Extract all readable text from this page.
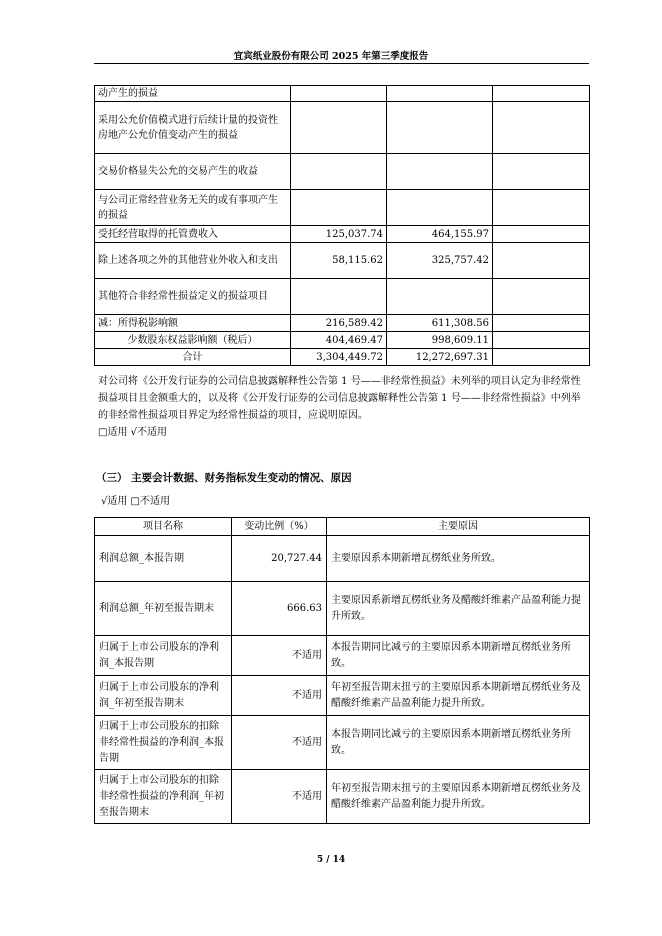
宜宾纸业股份有限公司 2025 年第三季度报告
动产生的损益			
采用公允价值模式进行后续计量的投资性房地产公允价值变动产生的损益			
交易价格显失公允的交易产生的收益			
与公司正常经营业务无关的或有事项产生的损益			
受托经营取得的托管费收入	125,037.74	464,155.97	
除上述各项之外的其他营业外收入和支出	58,115.62	325,757.42	
其他符合非经常性损益定义的损益项目			
减：所得税影响额	216,589.42	611,308.56	
少数股东权益影响额（税后）	404,469.47	998,609.11	
合计	3,304,449.72	12,272,697.31	
对公司将《公开发行证券的公司信息披露解释性公告第 1 号——非经常性损益》未列举的项目认定为非经常性损益项目且金额重大的，以及将《公开发行证券的公司信息披露解释性公告第 1 号——非经常性损益》中列举的非经常性损益项目界定为经常性损益的项目，应说明原因。
□适用 √不适用
（三） 主要会计数据、财务指标发生变动的情况、原因
√适用 □不适用
项目名称	变动比例（%）	主要原因
利润总额_本报告期	20,727.44	主要原因系本期新增瓦楞纸业务所致。
利润总额_年初至报告期末	666.63	主要原因系新增瓦楞纸业务及醋酸纤维素产品盈利能力提升所致。
归属于上市公司股东的净利润_本报告期	不适用	本报告期同比减亏的主要原因系本期新增瓦楞纸业务所致。
归属于上市公司股东的净利润_年初至报告期末	不适用	年初至报告期末扭亏的主要原因系本期新增瓦楞纸业务及醋酸纤维素产品盈利能力提升所致。
归属于上市公司股东的扣除非经常性损益的净利润_本报告期	不适用	本报告期同比减亏的主要原因系本期新增瓦楞纸业务所致。
归属于上市公司股东的扣除非经常性损益的净利润_年初至报告期末	不适用	年初至报告期末扭亏的主要原因系本期新增瓦楞纸业务及醋酸纤维素产品盈利能力提升所致。
5 / 14
